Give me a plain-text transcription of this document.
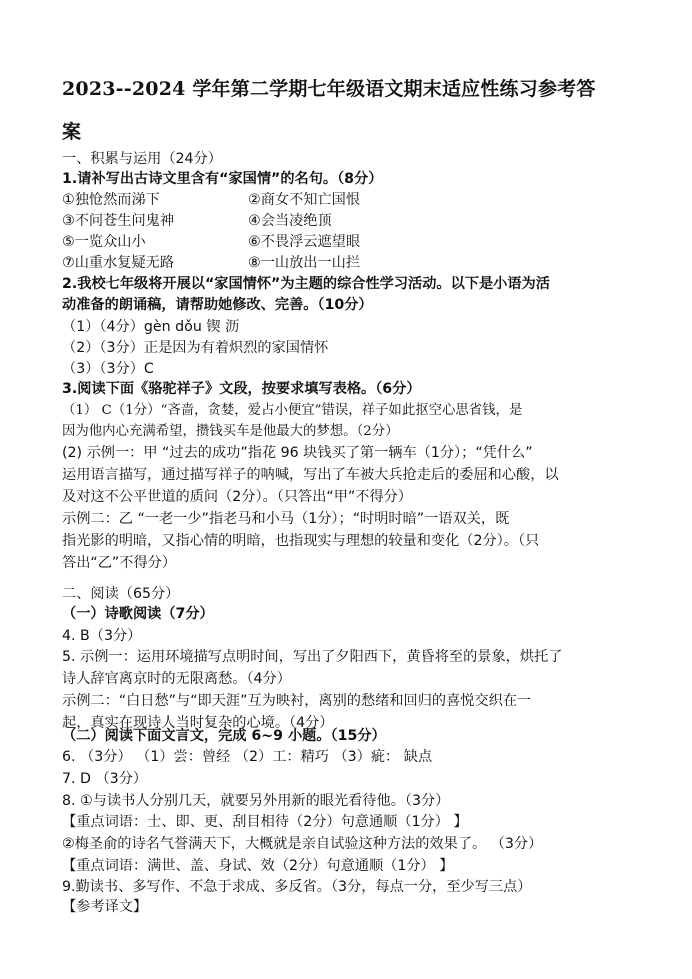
2023--2024 学年第二学期七年级语文期末适应性练习参考答
案
一、积累与运用（24分）
1.请补写出古诗文里含有“家国情”的名句。（8分）
①独怆然而涕下	②商女不知亡国恨
③不问苍生问鬼神	④会当凌绝顶
⑤一览众山小	⑥不畏浮云遮望眼
⑦山重水复疑无路	⑧一山放出一山拦
2.我校七年级将开展以“家国情怀”为主题的综合性学习活动。以下是小语为活
动准备的朗诵稿，请帮助她修改、完善。（10分）
（1）（4分）gèn dǒu 锲 沥
（2）（3分）正是因为有着炽烈的家国情怀
（3）（3分）C
3.阅读下面《骆驼祥子》文段，按要求填写表格。（6分）
（1） C（1分）“吝啬，贪婪，爱占小便宜”错误，祥子如此抠空心思省钱，是
因为他内心充满希望，攒钱买车是他最大的梦想。（2分）
(2) 示例一：甲 “过去的成功”指花 96 块钱买了第一辆车（1分）；“凭什么”
运用语言描写，通过描写祥子的呐喊，写出了车被大兵抢走后的委屈和心酸，以
及对这不公平世道的质问（2分）。（只答出“甲”不得分）
示例二：乙 “一老一少”指老马和小马（1分）；“时明时暗”一语双关，既
指光影的明暗，又指心情的明暗，也指现实与理想的较量和变化（2分）。（只
答出“乙”不得分）
二、阅读（65分）
（一）诗歌阅读（7分）
4. B（3分）
5. 示例一：运用环境描写点明时间，写出了夕阳西下，黄昏将至的景象，烘托了
诗人辞官离京时的无限离愁。（4分）
示例二：“白日愁”与“即天涯”互为映衬，离别的愁绪和回归的喜悦交织在一
起，真实在现诗人当时复杂的心境。（4分）
（二）阅读下面文言文，完成 6~9 小题。（15分）
6. （3分） （1）尝：曾经 （2）工：精巧 （3）疵： 缺点
7. D （3分）
8. ①与读书人分别几天，就要另外用新的眼光看待他。（3分）
【重点词语：士、即、更、刮目相待（2分）句意通顺（1分） 】
②梅圣俞的诗名气誉满天下，大概就是亲自试验这种方法的效果了。 （3分）
【重点词语：满世、盖、身试、效（2分）句意通顺（1分） 】
9.勤读书、多写作、不急于求成、多反省。（3分，每点一分，至少写三点）
【参考译文】
